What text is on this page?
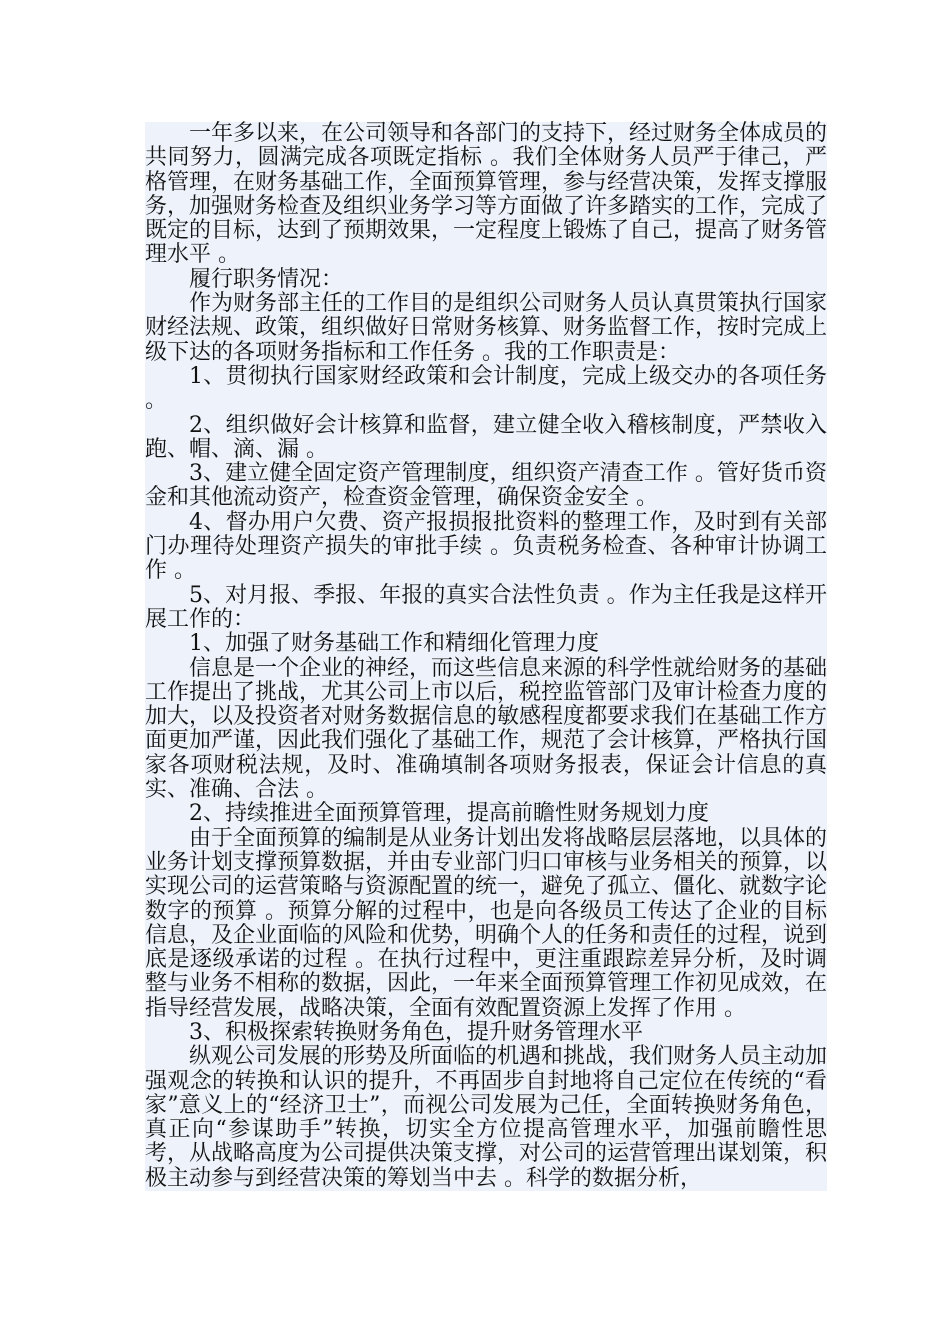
一年多以来，在公司领导和各部门的支持下，经过财务全体成员的共同努力，圆满完成各项既定指标 。我们全体财务人员严于律己，严格管理，在财务基础工作，全面预算管理，参与经营决策，发挥支撑服务，加强财务检查及组织业务学习等方面做了许多踏实的工作，完成了既定的目标，达到了预期效果，一定程度上锻炼了自己，提高了财务管理水平 。

履行职务情况：

作为财务部主任的工作目的是组织公司财务人员认真贯策执行国家财经法规、政策，组织做好日常财务核算、财务监督工作，按时完成上级下达的各项财务指标和工作任务 。我的工作职责是：

1、贯彻执行国家财经政策和会计制度，完成上级交办的各项任务 。

2、组织做好会计核算和监督，建立健全收入稽核制度，严禁收入跑、帽、滴、漏 。

3、建立健全固定资产管理制度，组织资产清查工作 。管好货币资金和其他流动资产，检查资金管理，确保资金安全 。

4、督办用户欠费、资产报损报批资料的整理工作，及时到有关部门办理待处理资产损失的审批手续 。负责税务检查、各种审计协调工作 。

5、对月报、季报、年报的真实合法性负责 。作为主任我是这样开展工作的：

1、加强了财务基础工作和精细化管理力度

信息是一个企业的神经，而这些信息来源的科学性就给财务的基础工作提出了挑战，尤其公司上市以后，税控监管部门及审计检查力度的加大，以及投资者对财务数据信息的敏感程度都要求我们在基础工作方面更加严谨，因此我们强化了基础工作，规范了会计核算，严格执行国家各项财税法规，及时、准确填制各项财务报表，保证会计信息的真实、准确、合法 。

2、持续推进全面预算管理，提高前瞻性财务规划力度

由于全面预算的编制是从业务计划出发将战略层层落地，以具体的业务计划支撑预算数据，并由专业部门归口审核与业务相关的预算，以实现公司的运营策略与资源配置的统一，避免了孤立、僵化、就数字论数字的预算 。预算分解的过程中，也是向各级员工传达了企业的目标信息，及企业面临的风险和优势，明确个人的任务和责任的过程，说到底是逐级承诺的过程 。在执行过程中，更注重跟踪差异分析，及时调整与业务不相称的数据，因此，一年来全面预算管理工作初见成效，在指导经营发展，战略决策，全面有效配置资源上发挥了作用 。

3、积极探索转换财务角色，提升财务管理水平

纵观公司发展的形势及所面临的机遇和挑战，我们财务人员主动加强观念的转换和认识的提升，不再固步自封地将自己定位在传统的“看家”意义上的“经济卫士”，而视公司发展为己任，全面转换财务角色，真正向“参谋助手”转换，切实全方位提高管理水平，加强前瞻性思考，从战略高度为公司提供决策支撑，对公司的运营管理出谋划策，积极主动参与到经营决策的筹划当中去 。科学的数据分析，
